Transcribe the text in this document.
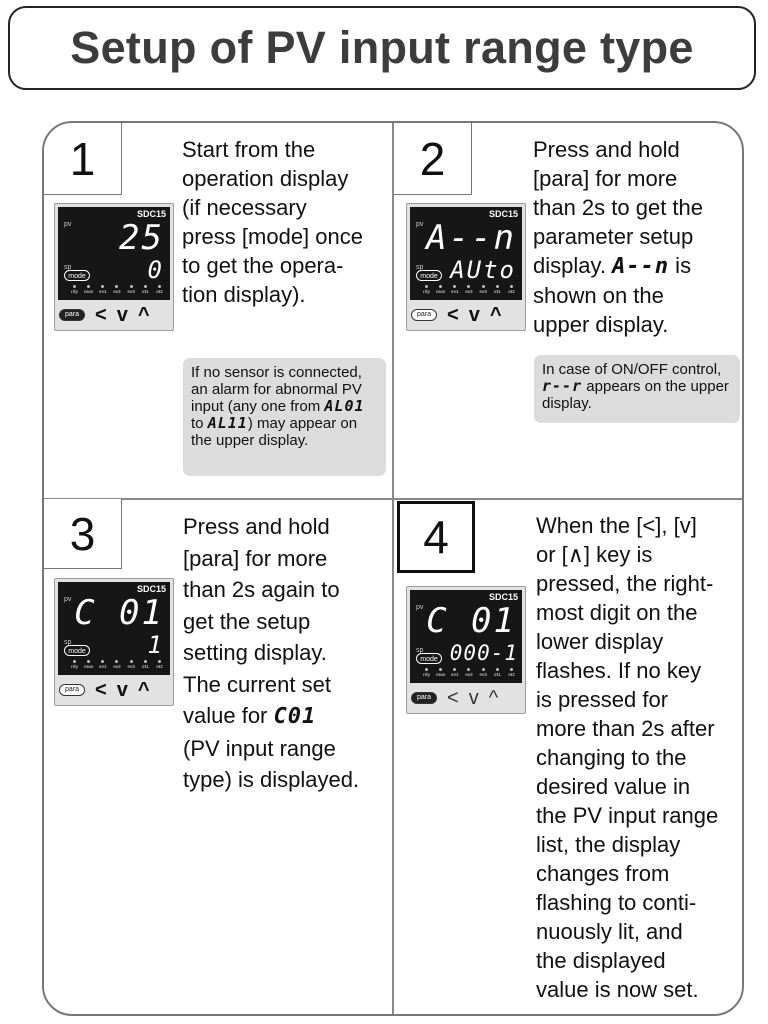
Setup of PV input range type
1
SDC15
pv
sp
25
0
mode
rdy man ev1 ev2 ev3 ot1 ot2
para < v ^
Start from the
operation display
(if necessary
press [mode] once
to get the opera-
tion display).
If no sensor is connected, an alarm for abnormal PV input (any one from AL01 to AL11) may appear on the upper display.
2
SDC15
pv
sp
A--n
AUto
mode
rdy man ev1 ev2 ev3 ot1 ot2
para < v ^
Press and hold
[para] for more
than 2s to get the
parameter setup
display. A--n is
shown on the
upper display.
In case of ON/OFF control, r--r appears on the upper display.
3
SDC15
pv
sp
C 01
1
mode
rdy man ev1 ev2 ev3 ot1 ot2
para < v ^
Press and hold
[para] for more
than 2s again to
get the setup
setting display.
The current set
value for C01
(PV input range
type) is displayed.
4
SDC15
pv
sp
C 01
000-1
mode
rdy man ev1 ev2 ev3 ot1 ot2
para < v ^
When the [<], [v]
or [∧] key is
pressed, the right-
most digit on the
lower display
flashes. If no key
is pressed for
more than 2s after
changing to the
desired value in
the PV input range
list, the display
changes from
flashing to conti-
nuously lit, and
the displayed
value is now set.
